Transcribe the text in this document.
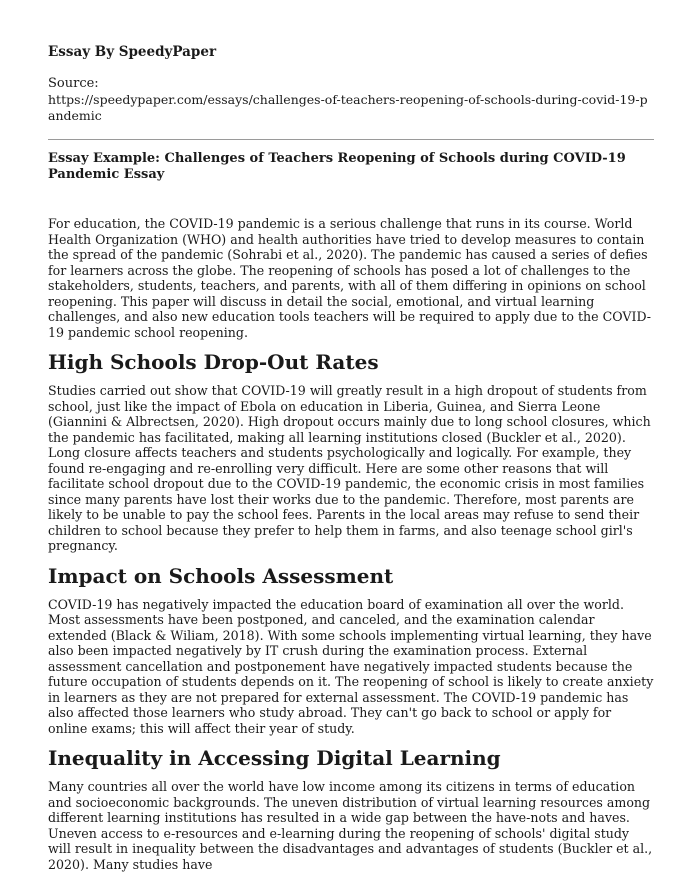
Essay By SpeedyPaper

Source:

https://speedypaper.com/essays/challenges-of-teachers-reopening-of-schools-during-covid-19-pandemic

Essay Example: Challenges of Teachers Reopening of Schools during COVID-19 Pandemic Essay

For education, the COVID-19 pandemic is a serious challenge that runs in its course. World Health Organization (WHO) and health authorities have tried to develop measures to contain the spread of the pandemic (Sohrabi et al., 2020). The pandemic has caused a series of defies for learners across the globe. The reopening of schools has posed a lot of challenges to the stakeholders, students, teachers, and parents, with all of them differing in opinions on school reopening. This paper will discuss in detail the social, emotional, and virtual learning challenges, and also new education tools teachers will be required to apply due to the COVID-19 pandemic school reopening.

High Schools Drop-Out Rates

Studies carried out show that COVID-19 will greatly result in a high dropout of students from school, just like the impact of Ebola on education in Liberia, Guinea, and Sierra Leone (Giannini & Albrectsen, 2020). High dropout occurs mainly due to long school closures, which the pandemic has facilitated, making all learning institutions closed (Buckler et al., 2020). Long closure affects teachers and students psychologically and logically. For example, they found re-engaging and re-enrolling very difficult. Here are some other reasons that will facilitate school dropout due to the COVID-19 pandemic, the economic crisis in most families since many parents have lost their works due to the pandemic. Therefore, most parents are likely to be unable to pay the school fees. Parents in the local areas may refuse to send their children to school because they prefer to help them in farms, and also teenage school girl's pregnancy.

Impact on Schools Assessment

COVID-19 has negatively impacted the education board of examination all over the world. Most assessments have been postponed, and canceled, and the examination calendar extended (Black & Wiliam, 2018). With some schools implementing virtual learning, they have also been impacted negatively by IT crush during the examination process. External assessment cancellation and postponement have negatively impacted students because the future occupation of students depends on it. The reopening of school is likely to create anxiety in learners as they are not prepared for external assessment. The COVID-19 pandemic has also affected those learners who study abroad. They can't go back to school or apply for online exams; this will affect their year of study.

Inequality in Accessing Digital Learning

Many countries all over the world have low income among its citizens in terms of education and socioeconomic backgrounds. The uneven distribution of virtual learning resources among different learning institutions has resulted in a wide gap between the have-nots and haves. Uneven access to e-resources and e-learning during the reopening of schools' digital study will result in inequality between the disadvantages and advantages of students (Buckler et al., 2020). Many studies have
